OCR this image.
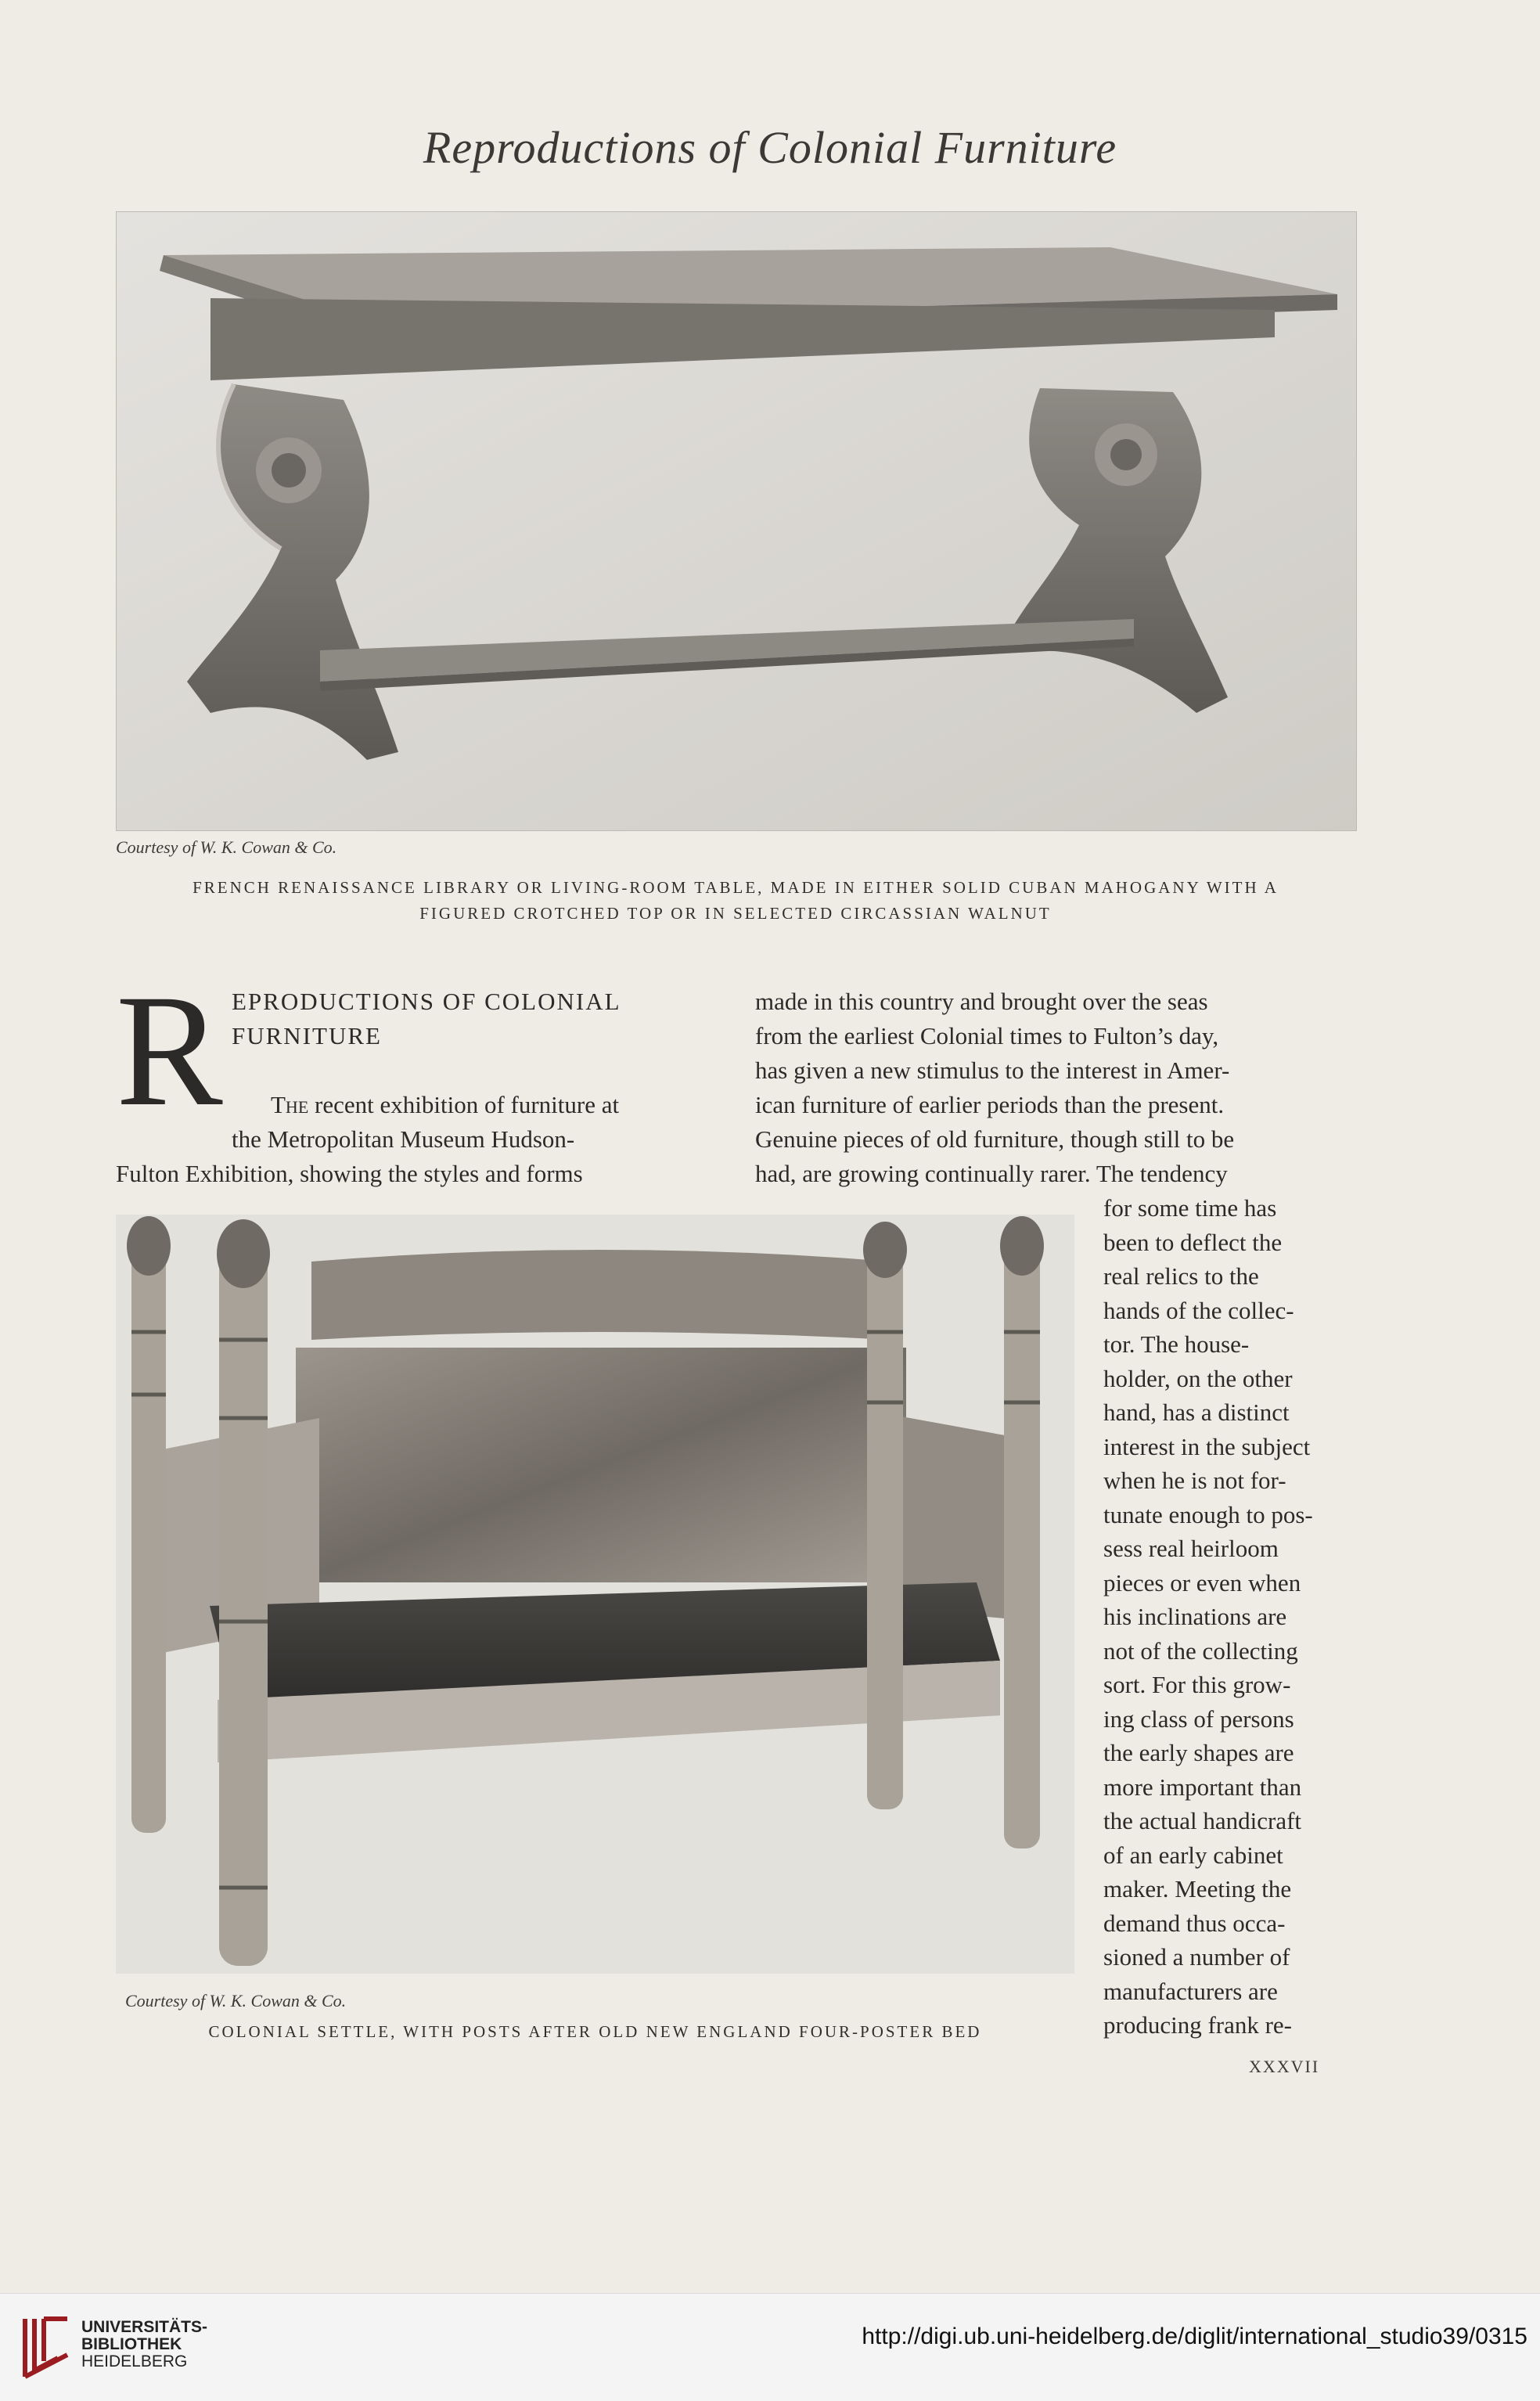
Reproductions of Colonial Furniture
Courtesy of W. K. Cowan & Co.
FRENCH RENAISSANCE LIBRARY OR LIVING-ROOM TABLE, MADE IN EITHER SOLID CUBAN MAHOGANY WITH A
FIGURED CROTCHED TOP OR IN SELECTED CIRCASSIAN WALNUT
R EPRODUCTIONS OF COLONIAL
FURNITURE
The recent exhibition of furniture at
the Metropolitan Museum Hudson-
Fulton Exhibition, showing the styles and forms
made in this country and brought over the seas
from the earliest Colonial times to Fulton’s day,
has given a new stimulus to the interest in Amer-
ican furniture of earlier periods than the present.
Genuine pieces of old furniture, though still to be
had, are growing continually rarer. The tendency
for some time has
been to deflect the
real relics to the
hands of the collec-
tor. The house-
holder, on the other
hand, has a distinct
interest in the subject
when he is not for-
tunate enough to pos-
sess real heirloom
pieces or even when
his inclinations are
not of the collecting
sort. For this grow-
ing class of persons
the early shapes are
more important than
the actual handicraft
of an early cabinet
maker. Meeting the
demand thus occa-
sioned a number of
manufacturers are
producing frank re-
Courtesy of W. K. Cowan & Co.
COLONIAL SETTLE, WITH POSTS AFTER OLD NEW ENGLAND FOUR-POSTER BED
XXXVII
UNIVERSITÄTS-
BIBLIOTHEK
HEIDELBERG
http://digi.ub.uni-heidelberg.de/diglit/international_studio39/0315
